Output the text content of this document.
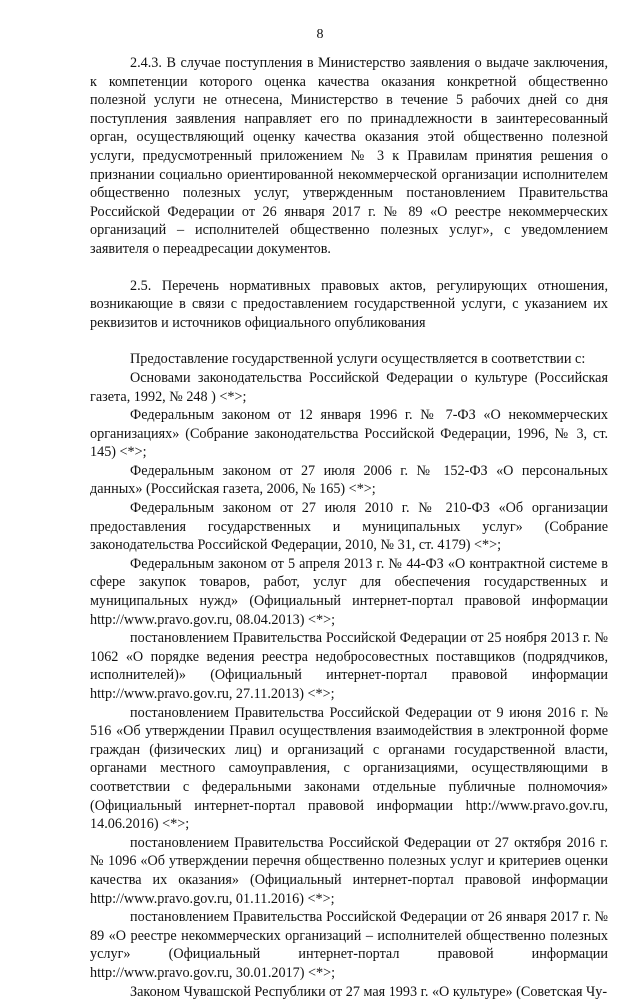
8

2.4.3. В случае поступления в Министерство заявления о выдаче заключения, к компетенции которого оценка качества оказания конкретной общественно полезной услуги не отнесена, Министерство в течение 5 рабочих дней со дня поступления заявления направляет его по принадлежности в заинтересованный орган, осуществляющий оценку качества оказания этой общественно полезной услуги, предусмотренный приложением № 3 к Правилам принятия решения о признании социально ориентированной некоммерческой организации исполнителем общественно полезных услуг, утвержденным постановлением Правительства Российской Федерации от 26 января 2017 г. № 89 «О реестре некоммерческих организаций – исполнителей общественно полезных услуг», с уведомлением заявителя о переадресации документов.

2.5. Перечень нормативных правовых актов, регулирующих отношения, возникающие в связи с предоставлением государственной услуги, с указанием их реквизитов и источников официального опубликования

Предоставление государственной услуги осуществляется в соответствии с:

Основами законодательства Российской Федерации о культуре (Российская газета, 1992, № 248 ) <*>;
Федеральным законом от 12 января 1996 г. № 7-ФЗ «О некоммерческих организациях» (Собрание законодательства Российской Федерации, 1996, № 3, ст. 145) <*>;
Федеральным законом от 27 июля 2006 г. № 152-ФЗ «О персональных данных» (Российская газета, 2006, № 165) <*>;
Федеральным законом от 27 июля 2010 г. № 210-ФЗ «Об организации предоставления государственных и муниципальных услуг» (Собрание законодательства Российской Федерации, 2010, № 31, ст. 4179) <*>;
Федеральным законом от 5 апреля 2013 г. № 44-ФЗ «О контрактной системе в сфере закупок товаров, работ, услуг для обеспечения государственных и муниципальных нужд» (Официальный интернет-портал правовой информации http://www.pravo.gov.ru, 08.04.2013) <*>;
постановлением Правительства Российской Федерации от 25 ноября 2013 г. № 1062 «О порядке ведения реестра недобросовестных поставщиков (подрядчиков, исполнителей)» (Официальный интернет-портал правовой информации http://www.pravo.gov.ru, 27.11.2013) <*>;
постановлением Правительства Российской Федерации от 9 июня 2016 г. № 516 «Об утверждении Правил осуществления взаимодействия в электронной форме граждан (физических лиц) и организаций с органами государственной власти, органами местного самоуправления, с организациями, осуществляющими в соответствии с федеральными законами отдельные публичные полномочия» (Официальный интернет-портал правовой информации http://www.pravo.gov.ru, 14.06.2016) <*>;
постановлением Правительства Российской Федерации от 27 октября 2016 г. № 1096 «Об утверждении перечня общественно полезных услуг и критериев оценки качества их оказания» (Официальный интернет-портал правовой информации http://www.pravo.gov.ru, 01.11.2016) <*>;
постановлением Правительства Российской Федерации от 26 января 2017 г. № 89 «О реестре некоммерческих организаций – исполнителей общественно полезных услуг» (Официальный интернет-портал правовой информации http://www.pravo.gov.ru, 30.01.2017) <*>;
Законом Чувашской Республики от 27 мая 1993 г. «О культуре» (Советская Чу-
